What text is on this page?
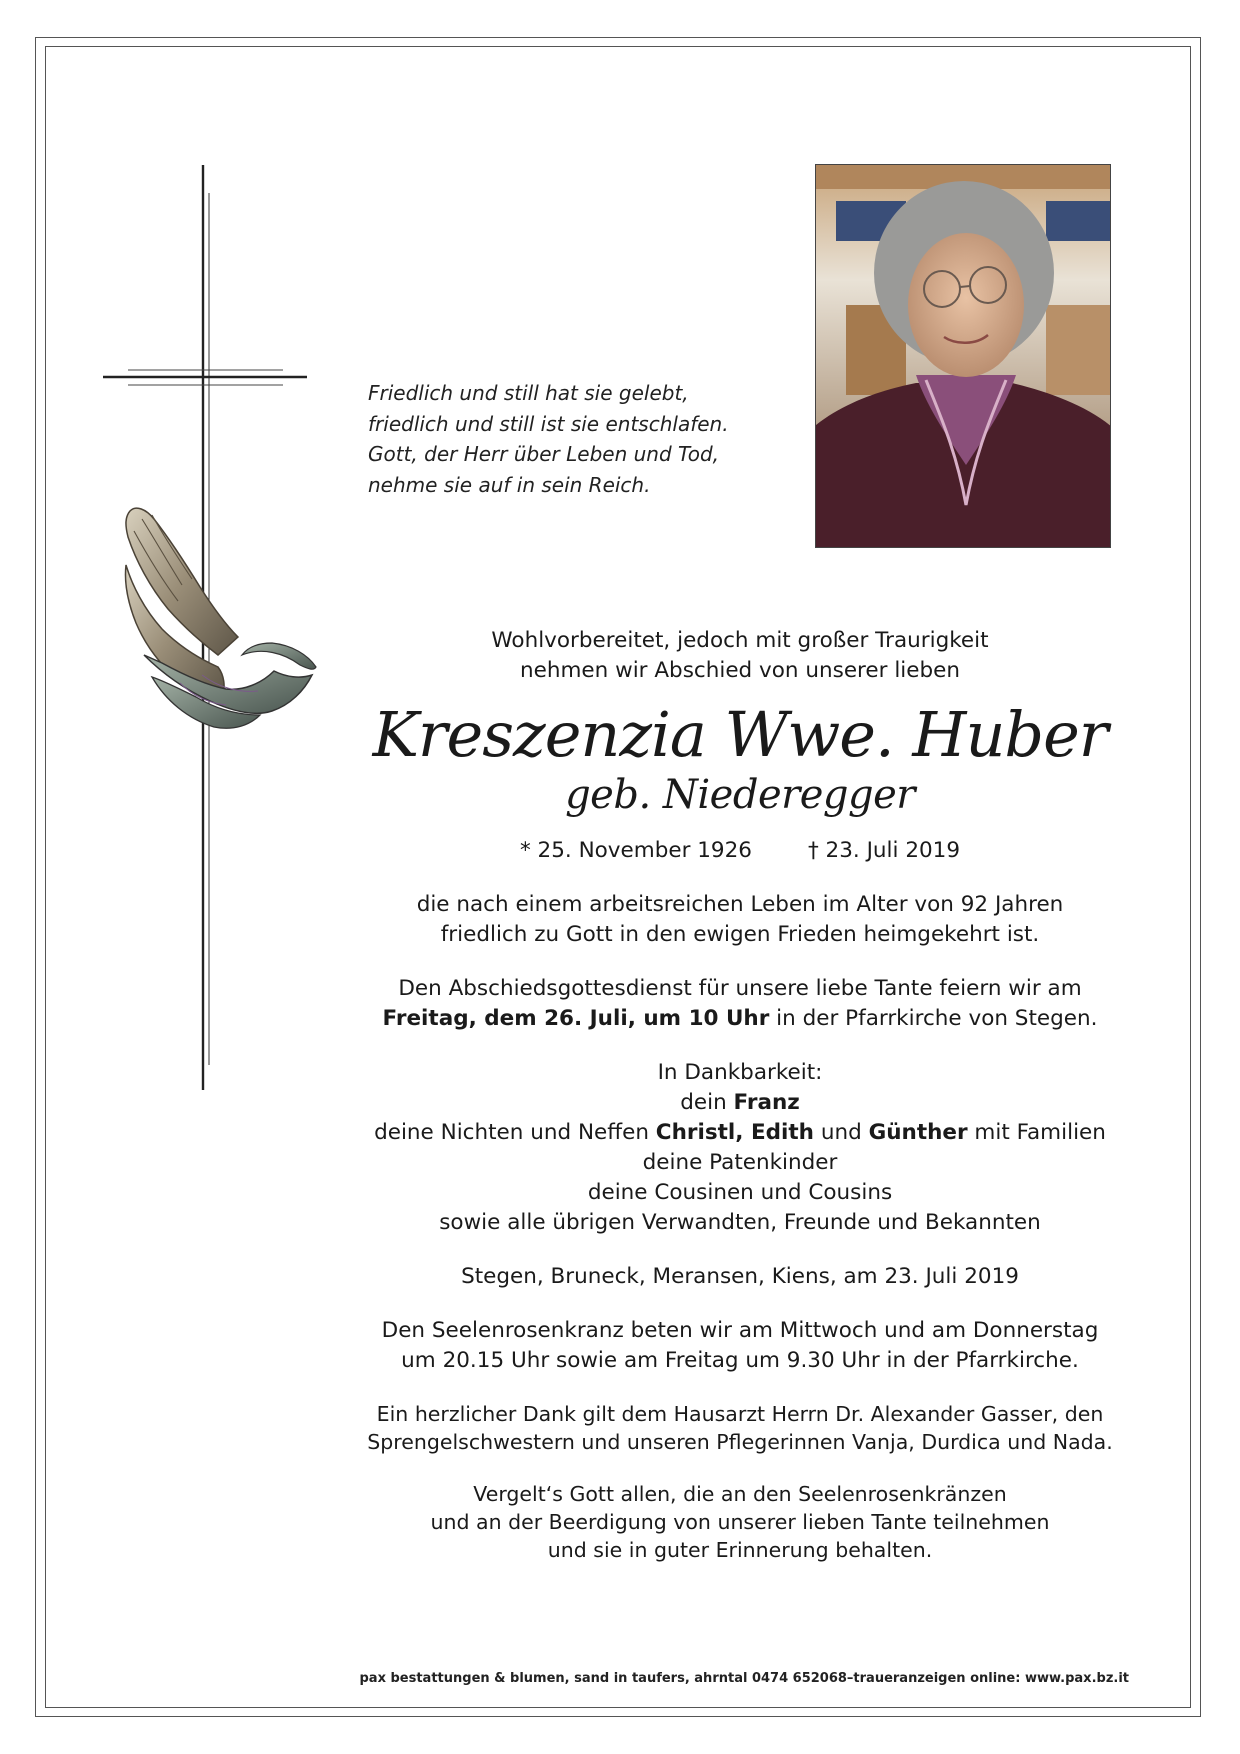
Friedlich und still hat sie gelebt,
friedlich und still ist sie entschlafen.
Gott, der Herr über Leben und Tod,
nehme sie auf in sein Reich.

Wohlvorbereitet, jedoch mit großer Traurigkeit
nehmen wir Abschied von unserer lieben

Kreszenzia Wwe. Huber

geb. Niederegger

* 25. November 1926	† 23. Juli 2019

die nach einem arbeitsreichen Leben im Alter von 92 Jahren
friedlich zu Gott in den ewigen Frieden heimgekehrt ist.

Den Abschiedsgottesdienst für unsere liebe Tante feiern wir am
Freitag, dem 26. Juli, um 10 Uhr in der Pfarrkirche von Stegen.

In Dankbarkeit:
dein Franz
deine Nichten und Neffen Christl, Edith und Günther mit Familien
deine Patenkinder
deine Cousinen und Cousins
sowie alle übrigen Verwandten, Freunde und Bekannten

Stegen, Bruneck, Meransen, Kiens, am 23. Juli 2019

Den Seelenrosenkranz beten wir am Mittwoch und am Donnerstag
um 20.15 Uhr sowie am Freitag um 9.30 Uhr in der Pfarrkirche.

Ein herzlicher Dank gilt dem Hausarzt Herrn Dr. Alexander Gasser, den
Sprengelschwestern und unseren Pflegerinnen Vanja, Durdica und Nada.

Vergelt‘s Gott allen, die an den Seelenrosenkränzen
und an der Beerdigung von unserer lieben Tante teilnehmen
und sie in guter Erinnerung behalten.

pax bestattungen & blumen, sand in taufers, ahrntal 0474 652068–traueranzeigen online: www.pax.bz.it
